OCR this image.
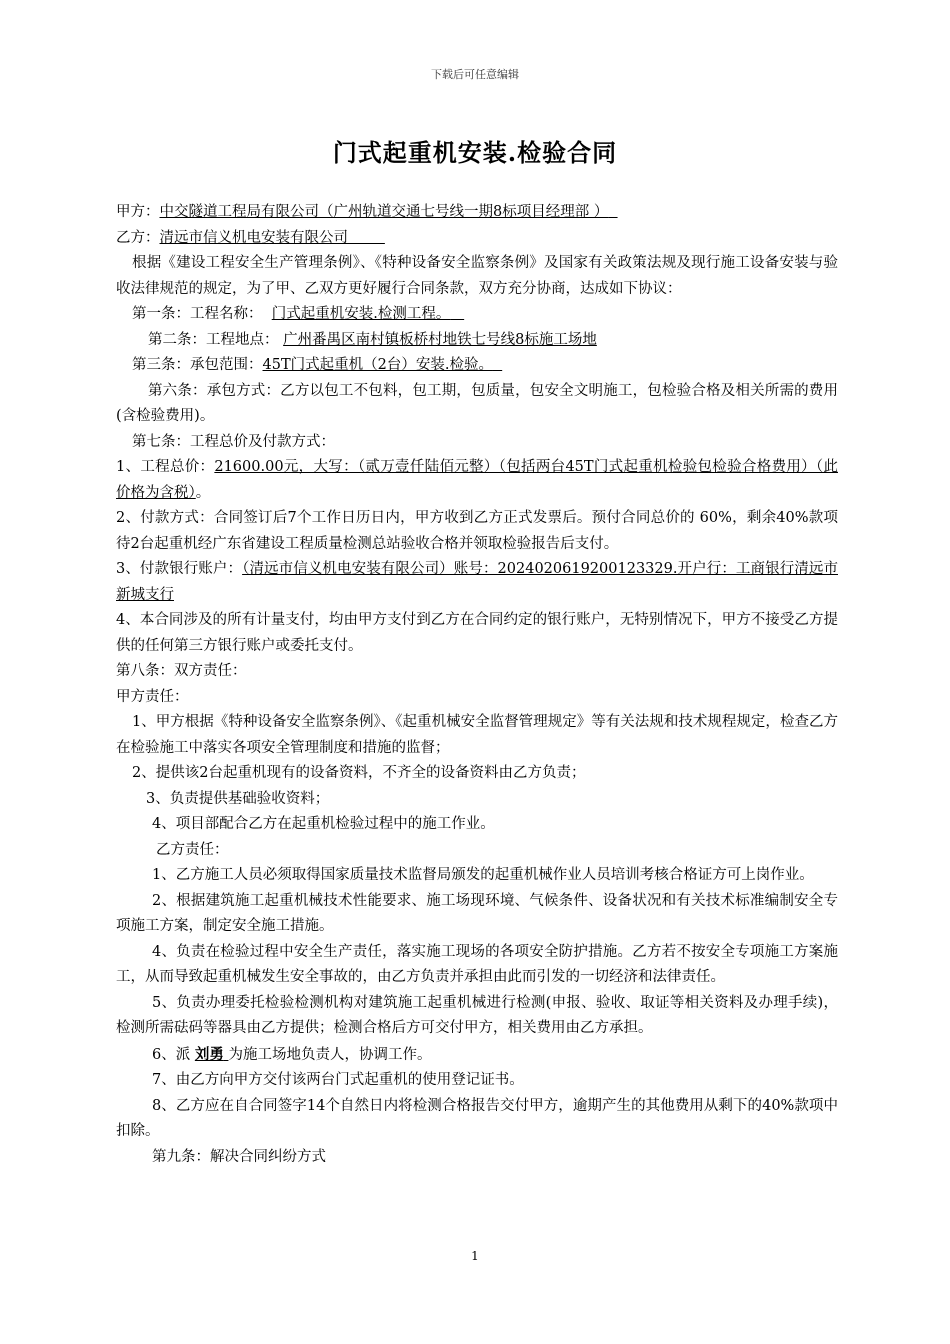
下载后可任意编辑
门式起重机安装.检验合同

甲方：中交隧道工程局有限公司（广州轨道交通七号线一期8标项目经理部 ）

乙方：清远市信义机电安装有限公司

根据《建设工程安全生产管理条例》、《特种设备安全监察条例》及国家有关政策法规及现行施工设备安装与验收法律规范的规定，为了甲、乙双方更好履行合同条款，双方充分协商，达成如下协议：

第一条：工程名称： 门式起重机安装.检测工程。

第二条：工程地点： 广州番禺区南村镇板桥村地铁七号线8标施工场地

第三条：承包范围：45T门式起重机（2台）安装.检验。

第六条：承包方式：乙方以包工不包料，包工期，包质量，包安全文明施工，包检验合格及相关所需的费用(含检验费用)。

第七条：工程总价及付款方式：

1、工程总价：21600.00元，大写：（贰万壹仟陆佰元整）（包括两台45T门式起重机检验包检验合格费用）（此价格为含税）。

2、付款方式：合同签订后7个工作日历日内，甲方收到乙方正式发票后。预付合同总价的 60%，剩余40%款项待2台起重机经广东省建设工程质量检测总站验收合格并领取检验报告后支付。

3、付款银行账户：（清远市信义机电安装有限公司）账号：2024020619200123329.开户行：工商银行清远市新城支行

4、本合同涉及的所有计量支付，均由甲方支付到乙方在合同约定的银行账户，无特别情况下，甲方不接受乙方提供的任何第三方银行账户或委托支付。

第八条：双方责任：

甲方责任：

1、甲方根据《特种设备安全监察条例》、《起重机械安全监督管理规定》等有关法规和技术规程规定，检查乙方在检验施工中落实各项安全管理制度和措施的监督；

2、提供该2台起重机现有的设备资料，不齐全的设备资料由乙方负责；

3、负责提供基础验收资料；

4、项目部配合乙方在起重机检验过程中的施工作业。

乙方责任：

1、乙方施工人员必须取得国家质量技术监督局颁发的起重机械作业人员培训考核合格证方可上岗作业。

2、根据建筑施工起重机械技术性能要求、施工场现环境、气候条件、设备状况和有关技术标准编制安全专项施工方案，制定安全施工措施。

4、负责在检验过程中安全生产责任，落实施工现场的各项安全防护措施。乙方若不按安全专项施工方案施工，从而导致起重机械发生安全事故的，由乙方负责并承担由此而引发的一切经济和法律责任。

5、负责办理委托检验检测机构对建筑施工起重机械进行检测(申报、验收、取证等相关资料及办理手续)，检测所需砝码等器具由乙方提供；检测合格后方可交付甲方，相关费用由乙方承担。

6、派 刘勇 为施工场地负责人，协调工作。

7、由乙方向甲方交付该两台门式起重机的使用登记证书。

8、乙方应在自合同签字14个自然日内将检测合格报告交付甲方，逾期产生的其他费用从剩下的40%款项中扣除。

第九条：解决合同纠纷方式

1
